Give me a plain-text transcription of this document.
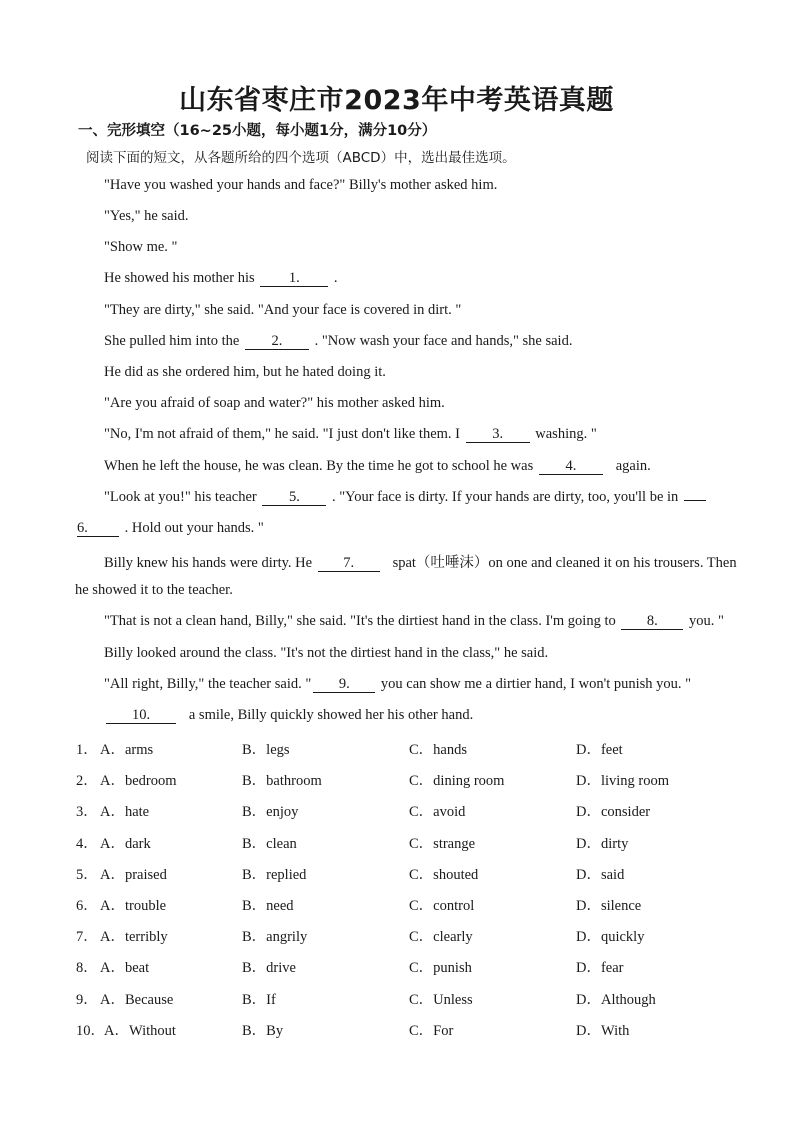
山东省枣庄市2023年中考英语真题
一、完形填空（16~25小题，每小题1分，满分10分）
阅读下面的短文，从各题所给的四个选项（ABCD）中，选出最佳选项。
"Have you washed your hands and face?" Billy's mother asked him.
"Yes," he said.
"Show me. "
He showed his mother his 1. .
"They are dirty," she said. "And your face is covered in dirt. "
She pulled him into the 2. . "Now wash your face and hands," she said.
He did as she ordered him, but he hated doing it.
"Are you afraid of soap and water?" his mother asked him.
"No, I'm not afraid of them," he said. "I just don't like them. I 3. washing. "
When he left the house, he was clean. By the time he got to school he was 4.	again.
"Look at you!" his teacher 5. . "Your face is dirty. If your hands are dirty, too, you'll be in
6.	. Hold out your hands. "
Billy knew his hands were dirty. He 7.	spat（吐唾沫）on one and cleaned it on his trousers. Then
he showed it to the teacher.
"That is not a clean hand, Billy," she said. "It's the dirtiest hand in the class. I'm going to 8. you. "
Billy looked around the class. "It's not the dirtiest hand in the class," he said.
"All right, Billy," the teacher said. " 9. you can show me a dirtier hand, I won't punish you. "
10.	a smile, Billy quickly showed her his other hand.
1． A．arms	B．legs	C．hands	D．feet
2． A．bedroom	B．bathroom	C．dining room	D．living room
3． A．hate	B．enjoy	C．avoid	D．consider
4． A．dark	B．clean	C．strange	D．dirty
5． A．praised	B．replied	C．shouted	D．said
6． A．trouble	B．need	C．control	D．silence
7． A．terribly	B．angrily	C．clearly	D．quickly
8． A．beat	B．drive	C．punish	D．fear
9． A．Because	B．If	C．Unless	D．Although
10． A．Without	B．By	C．For	D．With
